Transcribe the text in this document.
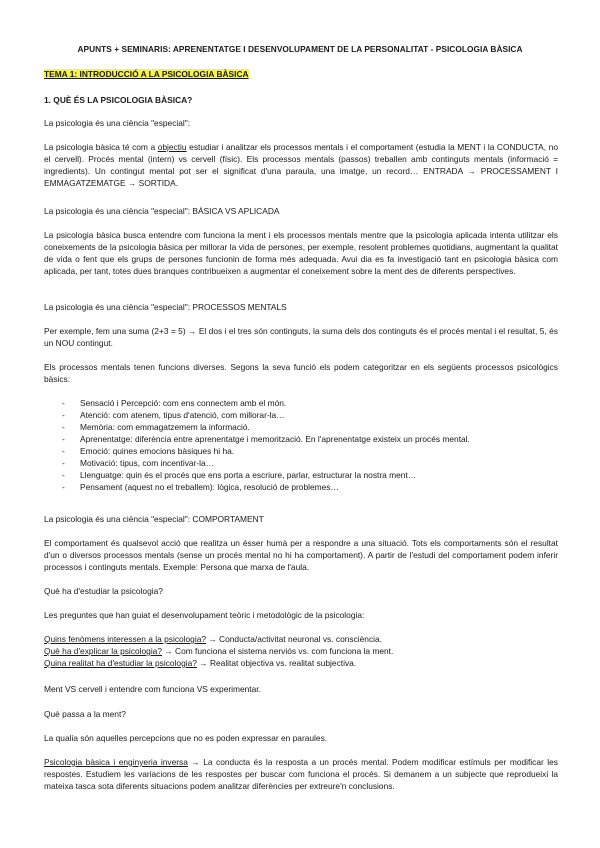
APUNTS + SEMINARIS: APRENENTATGE I DESENVOLUPAMENT DE LA PERSONALITAT - PSICOLOGIA BÀSICA
TEMA 1: INTRODUCCIÓ A LA PSICOLOGIA BÀSICA
1. QUÈ ÉS LA PSICOLOGIA BÀSICA?
La psicologia és una ciència "especial":
La psicologia bàsica té com a objectiu estudiar i analitzar els processos mentals i el comportament (estudia la MENT i la CONDUCTA, no el cervell). Procés mental (intern) vs cervell (físic). Els processos mentals (passos) treballen amb continguts mentals (informació = ingredients). Un contingut mental pot ser el significat d'una paraula, una imatge, un record… ENTRADA → PROCESSAMENT I EMMAGATZEMATGE → SORTIDA.
La psicologia és una ciència "especial": BÀSICA VS APLICADA
La psicologia bàsica busca entendre com funciona la ment i els processos mentals mentre que la psicologia aplicada intenta utilitzar els coneixements de la psicologia bàsica per millorar la vida de persones, per exemple, resolent problemes quotidians, augmentant la qualitat de vida o fent que els grups de persones funcionin de forma més adequada. Avui dia es fa investigació tant en psicologia bàsica com aplicada, per tant, totes dues branques contribueixen a augmentar el coneixement sobre la ment des de diferents perspectives.
La psicologia és una ciència "especial": PROCESSOS MENTALS
Per exemple, fem una suma (2+3 = 5) → El dos i el tres són continguts, la suma dels dos continguts és el procés mental i el resultat, 5, és un NOU contingut.
Els processos mentals tenen funcions diverses. Segons la seva funció els podem categoritzar en els següents processos psicològics bàsics:
- Sensació i Percepció: com ens connectem amb el món.
- Atenció: com atenem, tipus d'atenció, com millorar-la…
- Memòria: com emmagatzemem la informació.
- Aprenentatge: diferència entre aprenentatge i memorització. En l'aprenentatge existeix un procés mental.
- Emoció: quines emocions bàsiques hi ha.
- Motivació: tipus, com incentivar-la…
- Llenguatge: quin és el procés que ens porta a escriure, parlar, estructurar la nostra ment…
- Pensament (aquest no el treballem): lògica, resolució de problemes…
La psicologia és una ciència "especial": COMPORTAMENT
El comportament és qualsevol acció que realitza un ésser humà per a respondre a una situació. Tots els comportaments són el resultat d'un o diversos processos mentals (sense un procés mental no hi ha comportament). A partir de l'estudi del comportament podem inferir processos i continguts mentals. Exemple: Persona que marxa de l'aula.
Què ha d'estudiar la psicologia?
Les preguntes que han guiat el desenvolupament teòric i metodològic de la psicologia:
Quins fenòmens interessen a la psicologia? → Conducta/activitat neuronal vs. consciència.
Què ha d'explicar la psicologia? → Com funciona el sistema nerviós vs. com funciona la ment.
Quina realitat ha d'estudiar la psicologia? → Realitat objectiva vs. realitat subjectiva.
Ment VS cervell i entendre com funciona VS experimentar.
Què passa a la ment?
La qualia són aquelles percepcions que no es poden expressar en paraules.
Psicologia bàsica i enginyeria inversa → La conducta és la resposta a un procés mental. Podem modificar estímuls per modificar les respostes. Estudiem les variacions de les respostes per buscar com funciona el procés. Si demanem a un subjecte que reprodueixi la mateixa tasca sota diferents situacions podem analitzar diferències per extreure'n conclusions.
